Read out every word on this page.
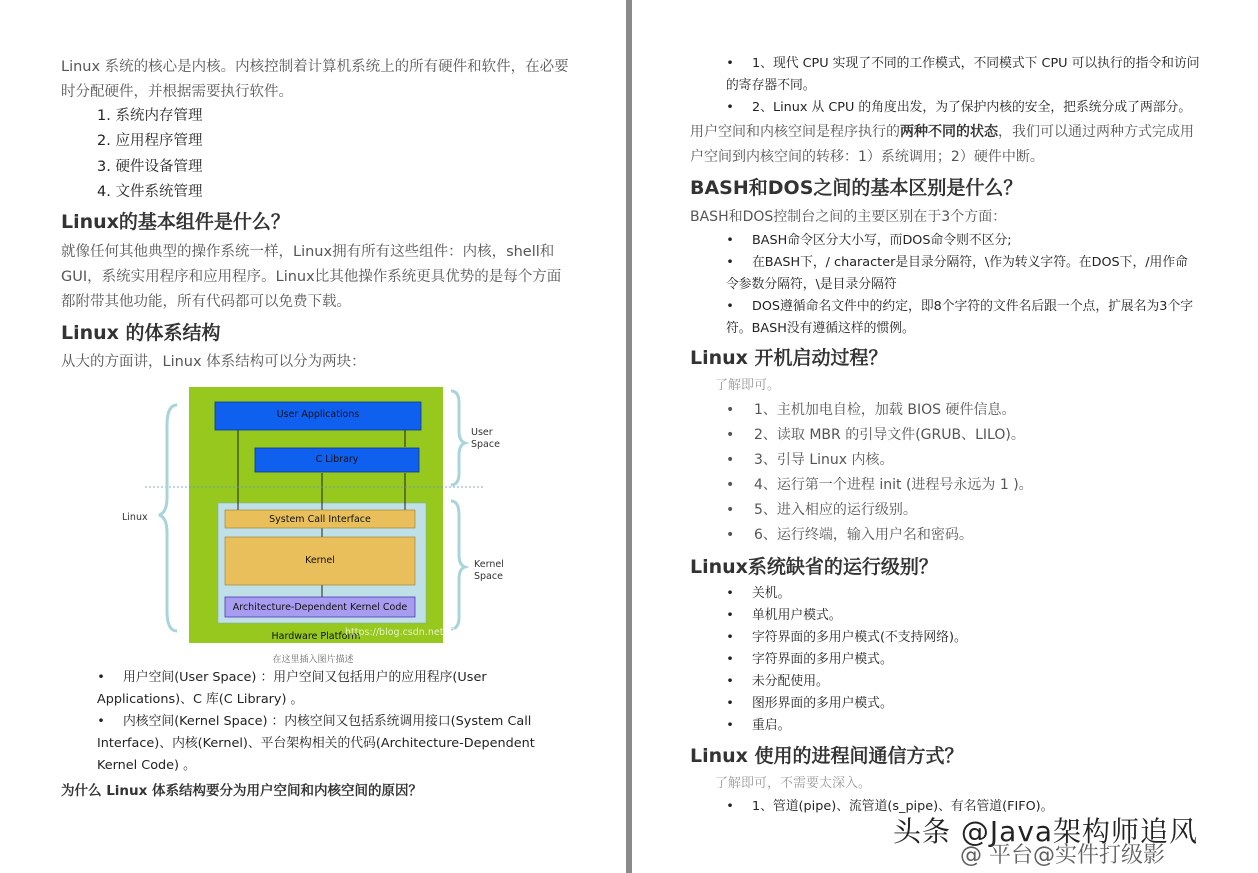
Linux 系统的核心是内核。内核控制着计算机系统上的所有硬件和软件，在必要时分配硬件，并根据需要执行软件。

1. 系统内存管理
2. 应用程序管理
3. 硬件设备管理
4. 文件系统管理
Linux的基本组件是什么？

就像任何其他典型的操作系统一样，Linux拥有所有这些组件：内核，shell和GUI，系统实用程序和应用程序。Linux比其他操作系统更具优势的是每个方面都附带其他功能，所有代码都可以免费下载。

Linux 的体系结构

从大的方面讲，Linux 体系结构可以分为两块：

User Applications
C Library
User
Space
Linux	System Call Interface
Kernel	Kernel
Space
Architecture-Dependent Kernel Code
Hardware Platform
https://blog.csdn.net/ThinkWon
在这里插入图片描述
•	用户空间(User Space) ：用户空间又包括用户的应用程序(User Applications)、C 库(C Library) 。
•	内核空间(Kernel Space) ：内核空间又包括系统调用接口(System Call Interface)、内核(Kernel)、平台架构相关的代码(Architecture-Dependent Kernel Code) 。

为什么 Linux 体系结构要分为用户空间和内核空间的原因？

•	1、现代 CPU 实现了不同的工作模式，不同模式下 CPU 可以执行的指令和访问的寄存器不同。
•	2、Linux 从 CPU 的角度出发，为了保护内核的安全，把系统分成了两部分。

用户空间和内核空间是程序执行的两种不同的状态，我们可以通过两种方式完成用户空间到内核空间的转移：1）系统调用；2）硬件中断。

BASH和DOS之间的基本区别是什么？

BASH和DOS控制台之间的主要区别在于3个方面：

•	BASH命令区分大小写，而DOS命令则不区分;
•	在BASH下，/ character是目录分隔符，\作为转义字符。在DOS下，/用作命令参数分隔符，\是目录分隔符
•	DOS遵循命名文件中的约定，即8个字符的文件名后跟一个点，扩展名为3个字符。BASH没有遵循这样的惯例。
Linux 开机启动过程？

了解即可。

• 1、主机加电自检，加载 BIOS 硬件信息。
• 2、读取 MBR 的引导文件(GRUB、LILO)。
• 3、引导 Linux 内核。
• 4、运行第一个进程 init (进程号永远为 1 )。
• 5、进入相应的运行级别。
• 6、运行终端，输入用户名和密码。
Linux系统缺省的运行级别？
• 关机。
• 单机用户模式。
• 字符界面的多用户模式(不支持网络)。
• 字符界面的多用户模式。
• 未分配使用。
• 图形界面的多用户模式。
• 重启。
Linux 使用的进程间通信方式？

了解即可，不需要太深入。

• 1、管道(pipe)、流管道(s_pipe)、有名管道(FIFO)。
头条 @Java架构师追风
@ 平台@实件打级影
